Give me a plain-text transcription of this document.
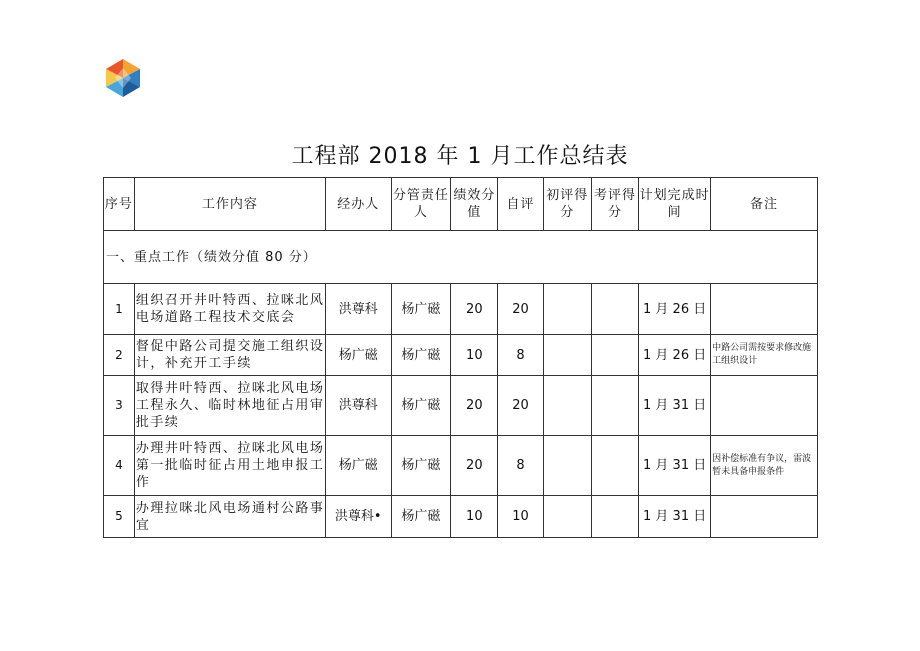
工程部 2018 年 1 月工作总结表
序号	工作内容	经办人	分管责任人	绩效分值	自评	初评得分	考评得分	计划完成时间	备注
一、重点工作（绩效分值 80 分）									
1	组织召开井叶特西、拉咪北风电场道路工程技术交底会	洪尊科	杨广磁	20	20			1 月 26 日	
2	督促中路公司提交施工组织设计，补充开工手续	杨广磁	杨广磁	10	8			1 月 26 日	中路公司需按要求修改施工组织设计
3	取得井叶特西、拉咪北风电场工程永久、临时林地征占用审批手续	洪尊科	杨广磁	20	20			1 月 31 日	
4	办理井叶特西、拉咪北风电场第一批临时征占用土地申报工作	杨广磁	杨广磁	20	8			1 月 31 日	因补偿标准有争议，雷波暂未具备申报条件
5	办理拉咪北风电场通村公路事宜	洪尊科•	杨广磁	10	10			1 月 31 日	
